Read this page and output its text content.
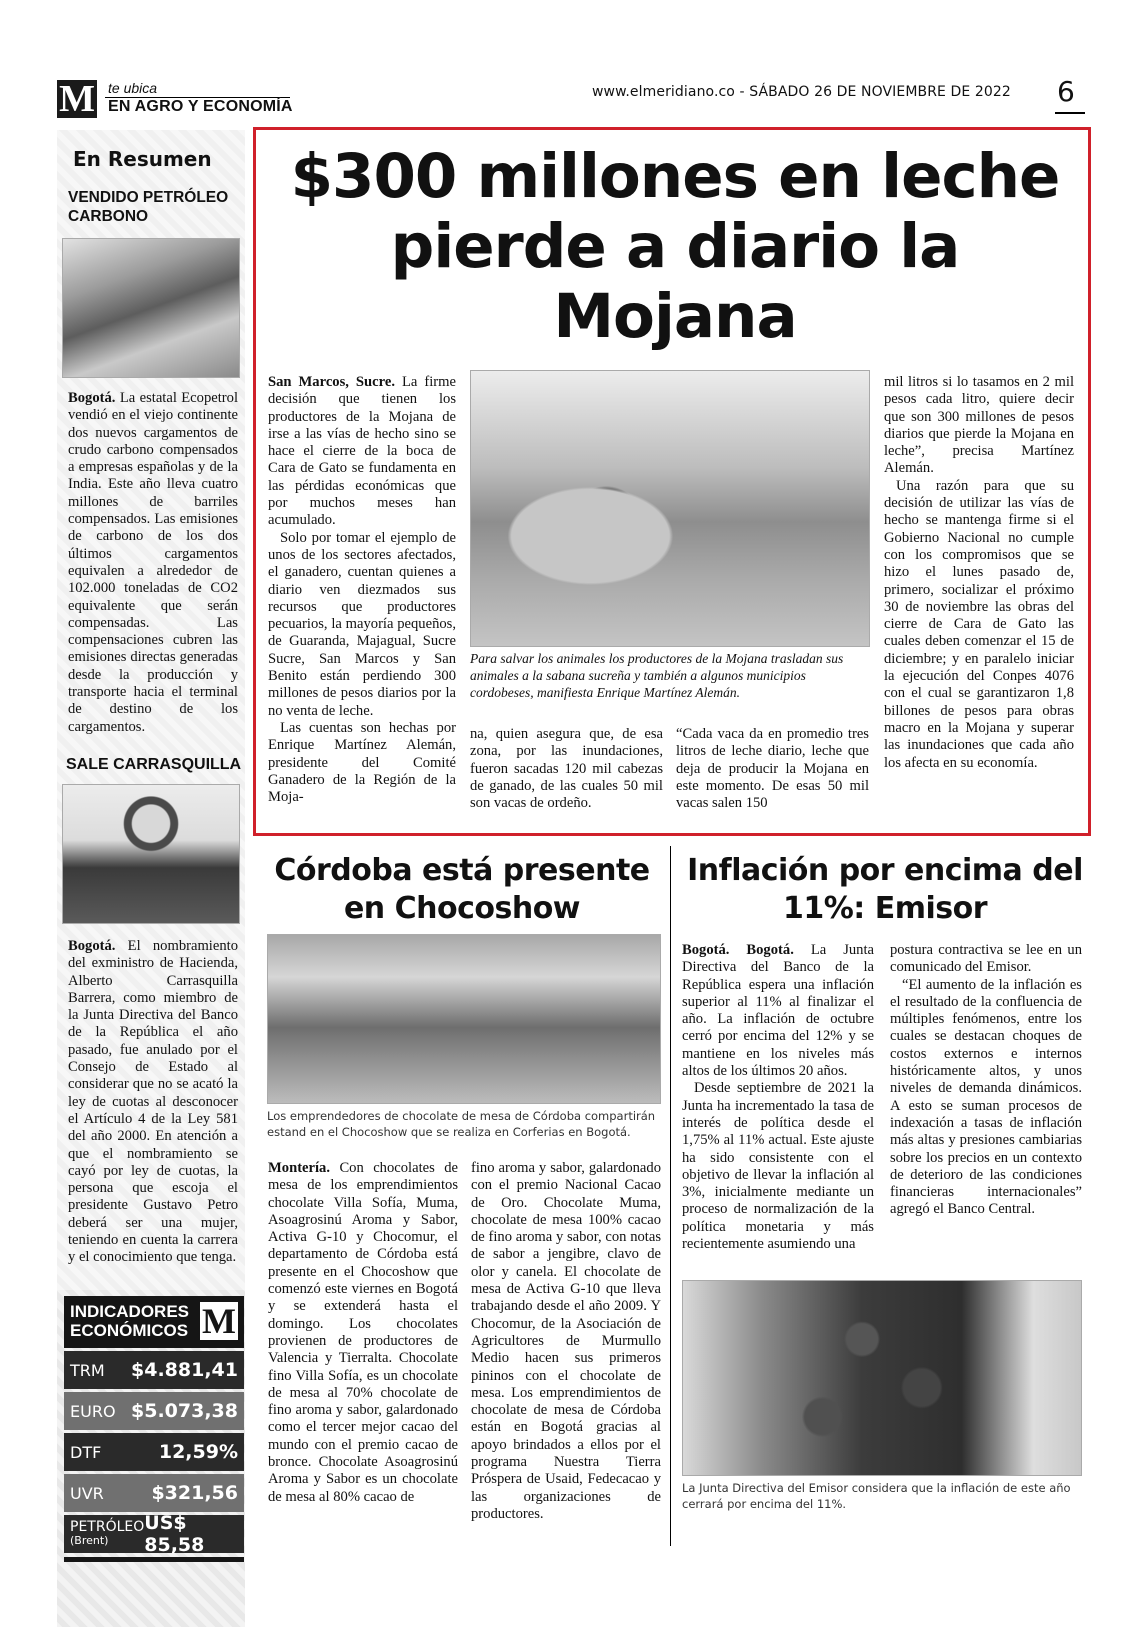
M te ubica
EN AGRO Y ECONOMÍA
www.elmeridiano.co - SÁBADO 26 DE NOVIEMBRE DE 2022 6
En Resumen
VENDIDO PETRÓLEO CARBONO
Bogotá. La estatal Ecopetrol vendió en el viejo continente dos nuevos cargamentos de crudo carbono compensados a empresas españolas y de la India. Este año lleva cuatro millones de barriles compensados. Las emisiones de carbono de los dos últimos cargamentos equivalen a alrededor de 102.000 toneladas de CO2 equivalente que serán compensadas. Las compensaciones cubren las emisiones directas generadas desde la producción y transporte hacia el terminal de destino de los cargamentos.
SALE CARRASQUILLA
Bogotá. El nombramiento del exministro de Hacienda, Alberto Carrasquilla Barrera, como miembro de la Junta Directiva del Banco de la República el año pasado, fue anulado por el Consejo de Estado al considerar que no se acató la ley de cuotas al desconocer el Artículo 4 de la Ley 581 del año 2000. En atención a que el nombramiento se cayó por ley de cuotas, la persona que escoja el presidente Gustavo Petro deberá ser una mujer, teniendo en cuenta la carrera y el conocimiento que tenga.
INDICADORES
ECONÓMICOS M
TRM $4.881,41
EURO $5.073,38
DTF	12,59%
UVR	$321,56
PETRÓLEO
(Brent)
US$ 85,58
$300 millones en leche pierde a diario la Mojana

San Marcos, Sucre. La firme decisión que tienen los productores de la Mojana de irse a las vías de hecho sino se hace el cierre de la boca de Cara de Gato se fundamenta en las pérdidas económicas que por muchos meses han acumulado.

Solo por tomar el ejemplo de unos de los sectores afectados, el ganadero, cuentan quienes a diario ven diezmados sus recursos que productores pecuarios, la mayoría pequeños, de Guaranda, Majagual, Sucre Sucre, San Marcos y San Benito están perdiendo 300 millones de pesos diarios por la no venta de leche.

Las cuentas son hechas por Enrique Martínez Alemán, presidente del Comité Ganadero de la Región de la Moja-

Para salvar los animales los productores de la Mojana trasladan sus animales a la sabana sucreña y también a algunos municipios cordobeses, manifiesta Enrique Martínez Alemán.
na, quien asegura que, de esa zona, por las inundaciones, fueron sacadas 120 mil cabezas de ganado, de las cuales 50 mil son vacas de ordeño.
“Cada vaca da en promedio tres litros de leche diario, leche que deja de producir la Mojana en este momento. De esas 50 mil vacas salen 150

mil litros si lo tasamos en 2 mil pesos cada litro, quiere decir que son 300 millones de pesos diarios que pierde la Mojana en leche”, precisa Martínez Alemán.

Una razón para que su decisión de utilizar las vías de hecho se mantenga firme si el Gobierno Nacional no cumple con los compromisos que se hizo el lunes pasado de, primero, socializar el próximo 30 de noviembre las obras del cierre de Cara de Gato las cuales deben comenzar el 15 de diciembre; y en paralelo iniciar la ejecución del Conpes 4076 con el cual se garantizaron 1,8 billones de pesos para obras macro en la Mojana y superar las inundaciones que cada año los afecta en su economía.

Córdoba está presente en Chocoshow
Los emprendedores de chocolate de mesa de Córdoba compartirán estand en el Chocoshow que se realiza en Corferias en Bogotá.
Montería. Con chocolates de mesa de los emprendimientos chocolate Villa Sofía, Muma, Asoagrosinú Aroma y Sabor, Activa G-10 y Chocomur, el departamento de Córdoba está presente en el Chocoshow que comenzó este viernes en Bogotá y se extenderá hasta el domingo. Los chocolates provienen de productores de Valencia y Tierralta. Chocolate fino Villa Sofía, es un chocolate de mesa al 70% chocolate de fino aroma y sabor, galardonado como el tercer mejor cacao del mundo con el premio cacao de bronce. Chocolate Asoagrosinú Aroma y Sabor es un chocolate de mesa al 80% cacao de
fino aroma y sabor, galardonado con el premio Nacional Cacao de Oro. Chocolate Muma, chocolate de mesa 100% cacao de fino aroma y sabor, con notas de sabor a jengibre, clavo de olor y canela. El chocolate de mesa de Activa G-10 que lleva trabajando desde el año 2009. Y Chocomur, de la Asociación de Agricultores de Murmullo Medio hacen sus primeros pininos con el chocolate de mesa. Los emprendimientos de chocolate de mesa de Córdoba están en Bogotá gracias al apoyo brindados a ellos por el programa Nuestra Tierra Próspera de Usaid, Fedecacao y las organizaciones de productores.
Inflación por encima del 11%: Emisor

Bogotá. Bogotá. La Junta Directiva del Banco de la República espera una inflación superior al 11% al finalizar el año. La inflación de octubre cerró por encima del 12% y se mantiene en los niveles más altos de los últimos 20 años.

Desde septiembre de 2021 la Junta ha incrementado la tasa de interés de política desde el 1,75% al 11% actual. Este ajuste ha sido consistente con el objetivo de llevar la inflación al 3%, inicialmente mediante un proceso de normalización de la política monetaria y más recientemente asumiendo una

postura contractiva se lee en un comunicado del Emisor.

“El aumento de la inflación es el resultado de la confluencia de múltiples fenómenos, entre los cuales se destacan choques de costos externos e internos históricamente altos, y unos niveles de demanda dinámicos. A esto se suman procesos de indexación a tasas de inflación más altas y presiones cambiarias sobre los precios en un contexto de deterioro de las condiciones financieras internacionales” agregó el Banco Central.

La Junta Directiva del Emisor considera que la inflación de este año cerrará por encima del 11%.
